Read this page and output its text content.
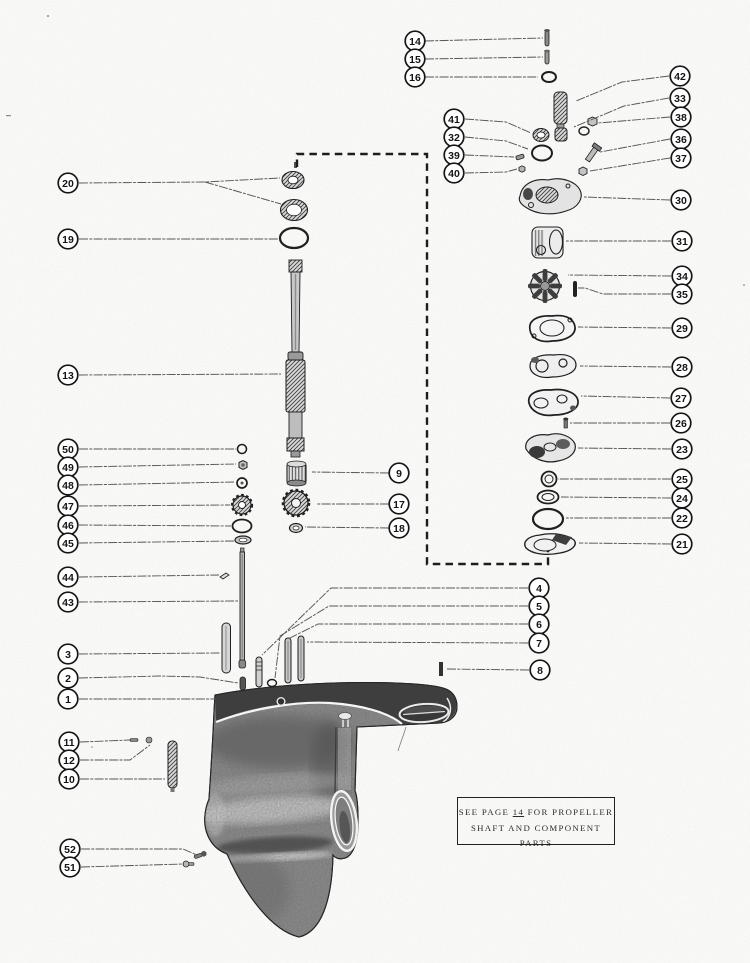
14
15
16	42
33
38
36
37
41
32
39
40
30
20
19	31
34
35
29
28
13
27
26
50	23
49	9	25
48
24
47	17
22
46	18
45	21
44
4
43	5
6
7
3
8
2
1
11
12
10
52
51
SEE PAGE 14 FOR PROPELLER
SHAFT AND COMPONENT PARTS
